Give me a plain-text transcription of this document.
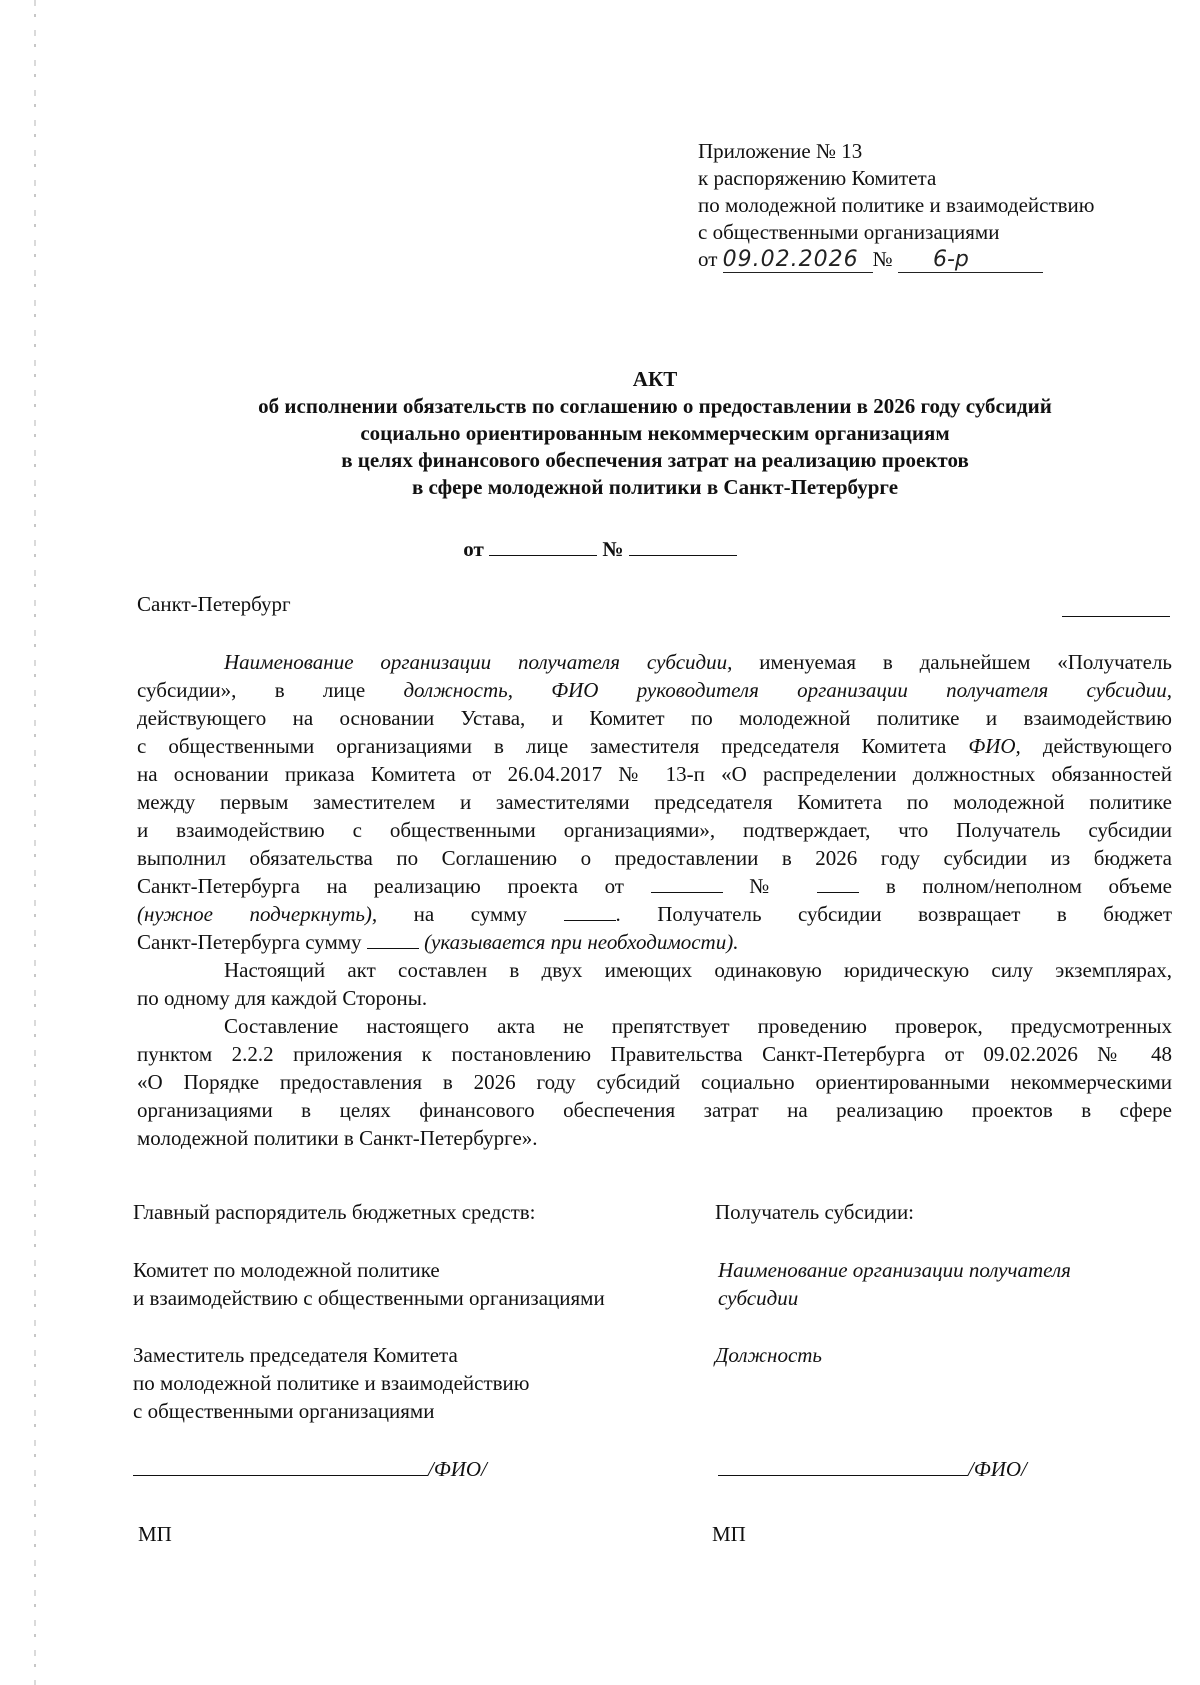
Приложение № 13
к распоряжению Комитета
по молодежной политике и взаимодействию
с общественными организациями
от 09.02.2026 № 6-р
АКТ
об исполнении обязательств по соглашению о предоставлении в 2026 году субсидий
социально ориентированным некоммерческим организациям
в целях финансового обеспечения затрат на реализацию проектов
в сфере молодежной политики в Санкт-Петербурге
от	№
Санкт-Петербург
Наименование организации получателя субсидии, именуемая в дальнейшем «Получатель
субсидии», в лице должность, ФИО руководителя организации получателя субсидии,
действующего на основании Устава, и Комитет по молодежной политике и взаимодействию
с общественными организациями в лице заместителя председателя Комитета ФИО, действующего
на основании приказа Комитета от 26.04.2017 № 13-п «О распределении должностных обязанностей
между первым заместителем и заместителями председателя Комитета по молодежной политике
и взаимодействию с общественными организациями», подтверждает, что Получатель субсидии
выполнил обязательства по Соглашению о предоставлении в 2026 году субсидии из бюджета
Санкт-Петербурга на реализацию проекта от	№	в полном/неполном объеме
(нужное подчеркнуть), на сумму	. Получатель субсидии возвращает в бюджет
Санкт-Петербурга сумму	(указывается при необходимости).
Настоящий акт составлен в двух имеющих одинаковую юридическую силу экземплярах,
по одному для каждой Стороны.
Составление настоящего акта не препятствует проведению проверок, предусмотренных
пунктом 2.2.2 приложения к постановлению Правительства Санкт-Петербурга от 09.02.2026 № 48
«О Порядке предоставления в 2026 году субсидий социально ориентированными некоммерческими
организациями в целях финансового обеспечения затрат на реализацию проектов в сфере
молодежной политики в Санкт-Петербурге».
Главный распорядитель бюджетных средств:
Комитет по молодежной политике
и взаимодействию с общественными организациями
Заместитель председателя Комитета
по молодежной политике и взаимодействию
с общественными организациями
/ФИО/
МП
Получатель субсидии:
Наименование организации получателя
субсидии
Должность
/ФИО/
МП
